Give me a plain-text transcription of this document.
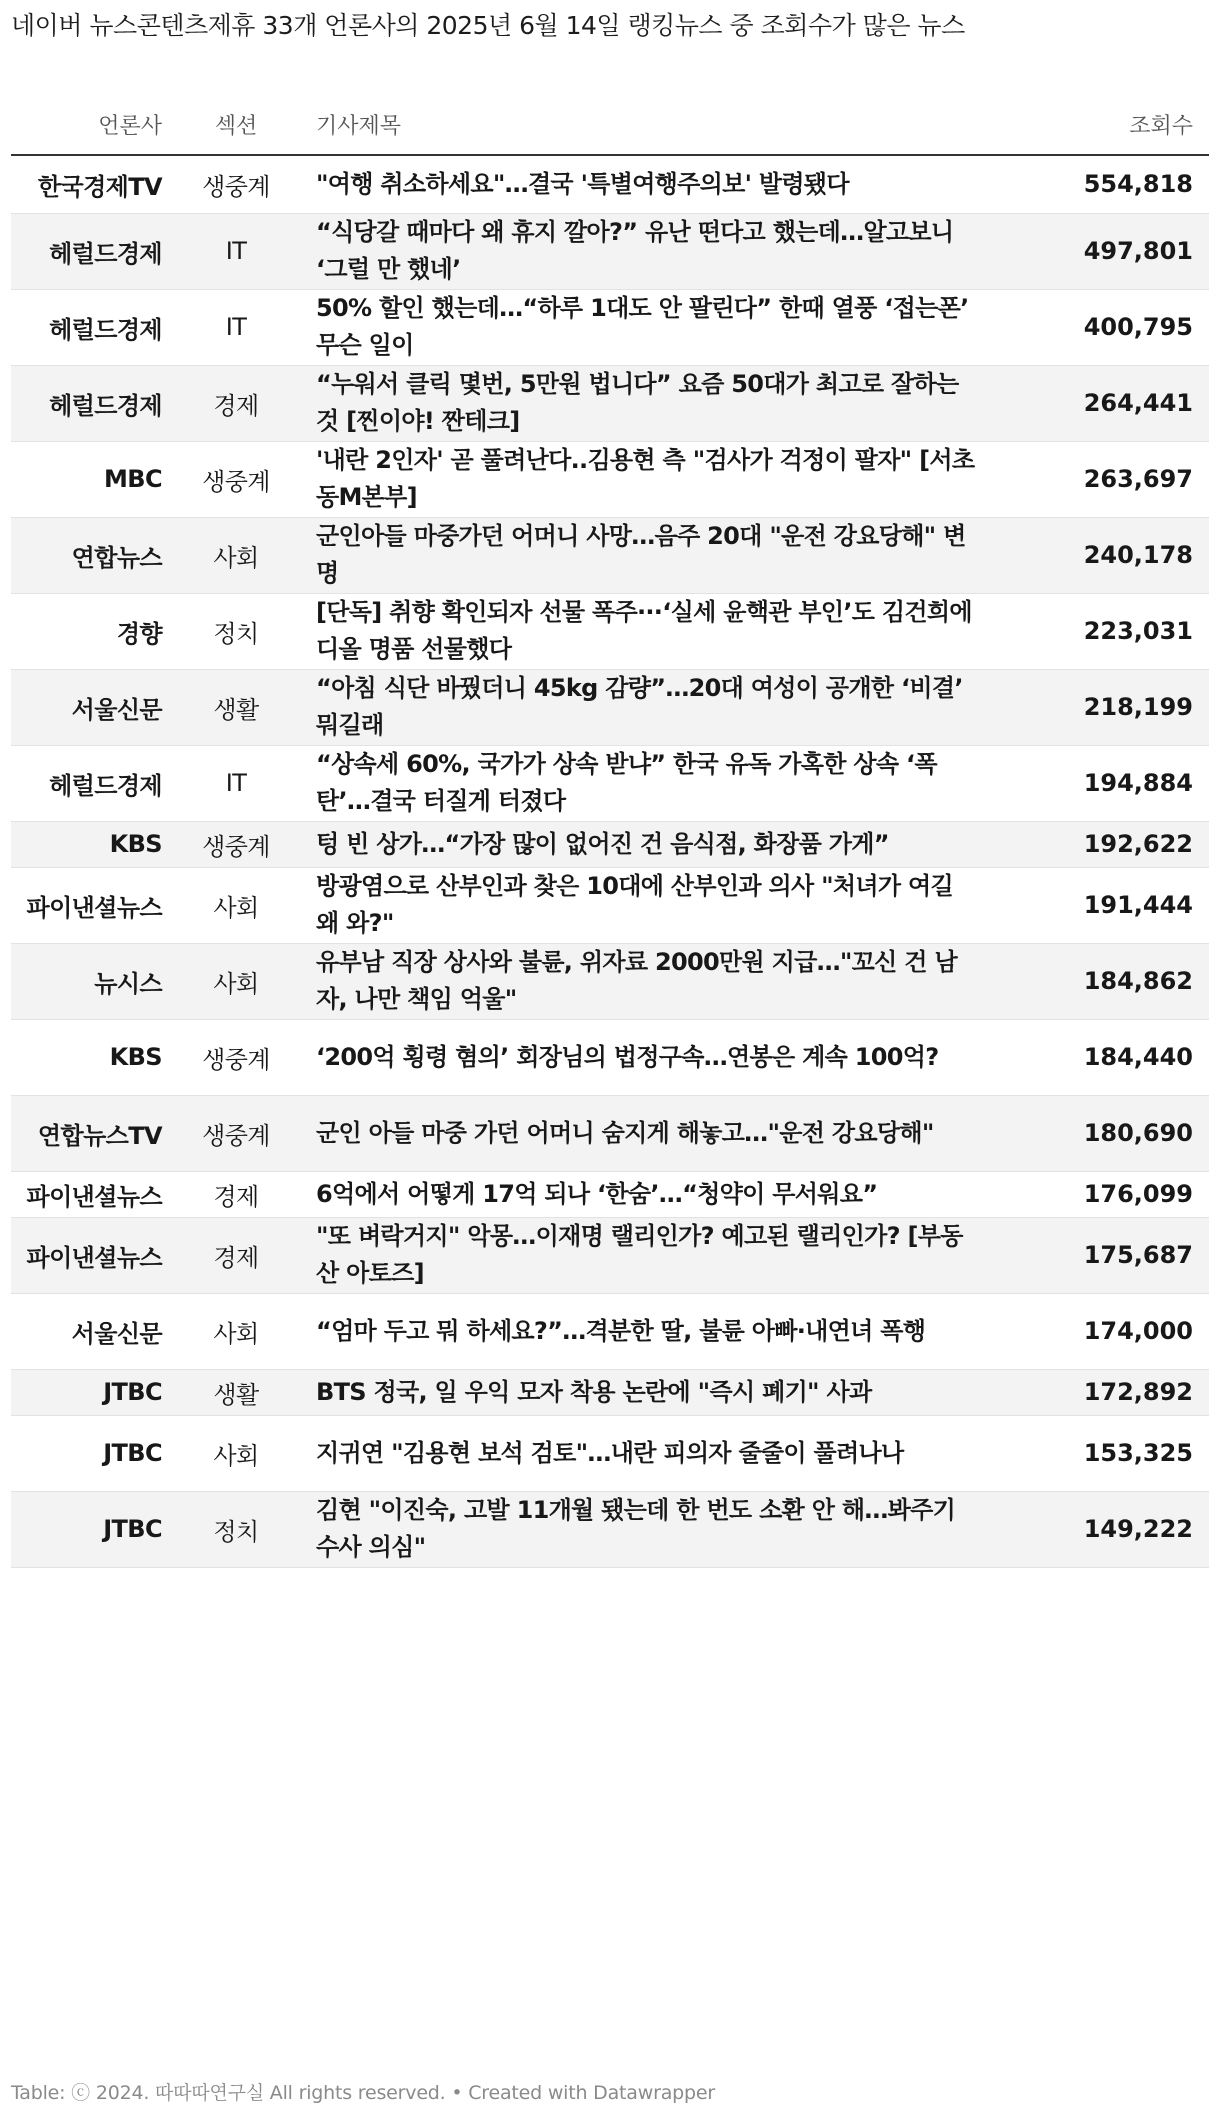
네이버 뉴스콘텐츠제휴 33개 언론사의 2025년 6월 14일 랭킹뉴스 중 조회수가 많은 뉴스
언론사	섹션	기사제목	조회수
한국경제TV	생중계	"여행 취소하세요"…결국 '특별여행주의보' 발령됐다	554,818
헤럴드경제	IT	“식당갈 때마다 왜 휴지 깔아?” 유난 떤다고 했는데…알고보니 ‘그럴 만 했네’	497,801
헤럴드경제	IT	50% 할인 했는데…“하루 1대도 안 팔린다” 한때 열풍 ‘접는폰’ 무슨 일이	400,795
헤럴드경제	경제	“누워서 클릭 몇번, 5만원 법니다” 요즘 50대가 최고로 잘하는 것 [찐이야! 짠테크]	264,441
MBC	생중계	'내란 2인자' 곧 풀려난다..김용현 측 "검사가 걱정이 팔자" [서초동M본부]	263,697
연합뉴스	사회	군인아들 마중가던 어머니 사망…음주 20대 "운전 강요당해" 변명	240,178
경향	정치	[단독] 취향 확인되자 선물 폭주···‘실세 윤핵관 부인’도 김건희에 디올 명품 선물했다	223,031
서울신문	생활	“아침 식단 바꿨더니 45kg 감량”…20대 여성이 공개한 ‘비결’ 뭐길래	218,199
헤럴드경제	IT	“상속세 60%, 국가가 상속 받냐” 한국 유독 가혹한 상속 ‘폭탄’…결국 터질게 터졌다	194,884
KBS	생중계	텅 빈 상가…“가장 많이 없어진 건 음식점, 화장품 가게”	192,622
파이낸셜뉴스	사회	방광염으로 산부인과 찾은 10대에 산부인과 의사 "처녀가 여길 왜 와?"	191,444
뉴시스	사회	유부남 직장 상사와 불륜, 위자료 2000만원 지급…"꼬신 건 남자, 나만 책임 억울"	184,862
KBS	생중계	‘200억 횡령 혐의’ 회장님의 법정구속…연봉은 계속 100억?	184,440
연합뉴스TV	생중계	군인 아들 마중 가던 어머니 숨지게 해놓고…"운전 강요당해"	180,690
파이낸셜뉴스	경제	6억에서 어떻게 17억 되나 ‘한숨’…“청약이 무서워요”	176,099
파이낸셜뉴스	경제	"또 벼락거지" 악몽…이재명 랠리인가? 예고된 랠리인가? [부동산 아토즈]	175,687
서울신문	사회	“엄마 두고 뭐 하세요?”…격분한 딸, 불륜 아빠·내연녀 폭행	174,000
JTBC	생활	BTS 정국, 일 우익 모자 착용 논란에 "즉시 폐기" 사과	172,892
JTBC	사회	지귀연 "김용현 보석 검토"…내란 피의자 줄줄이 풀려나나	153,325
JTBC	정치	김현 "이진숙, 고발 11개월 됐는데 한 번도 소환 안 해…봐주기 수사 의심"	149,222
Table: ⓒ 2024. 따따따연구실 All rights reserved. • Created with Datawrapper
